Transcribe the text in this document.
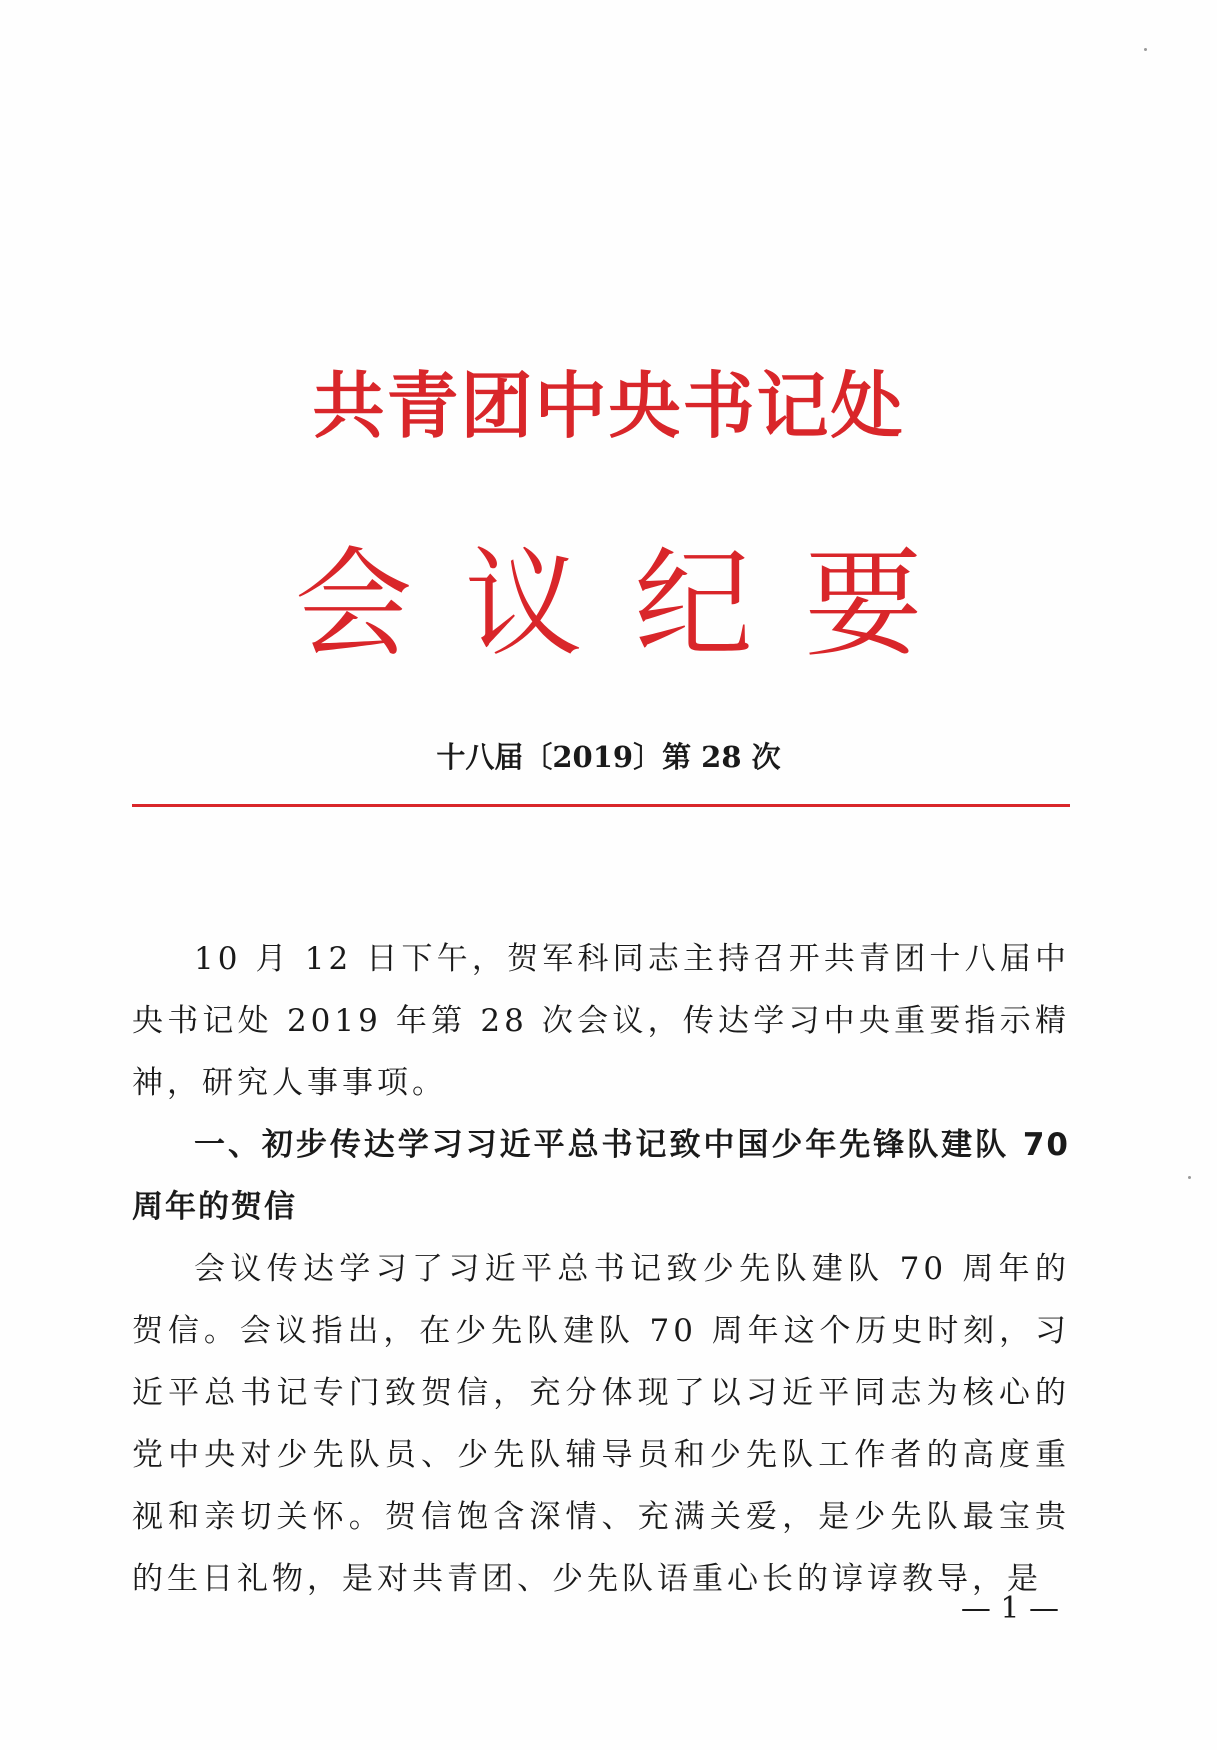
共青团中央书记处
会议纪要
十八届〔2019〕第 28 次

10 月 12 日下午，贺军科同志主持召开共青团十八届中央书记处 2019 年第 28 次会议，传达学习中央重要指示精神，研究人事事项。

一、初步传达学习习近平总书记致中国少年先锋队建队 70 周年的贺信

会议传达学习了习近平总书记致少先队建队 70 周年的贺信。会议指出，在少先队建队 70 周年这个历史时刻，习近平总书记专门致贺信，充分体现了以习近平同志为核心的党中央对少先队员、少先队辅导员和少先队工作者的高度重视和亲切关怀。贺信饱含深情、充满关爱，是少先队最宝贵的生日礼物，是对共青团、少先队语重心长的谆谆教导，是

— 1 —
